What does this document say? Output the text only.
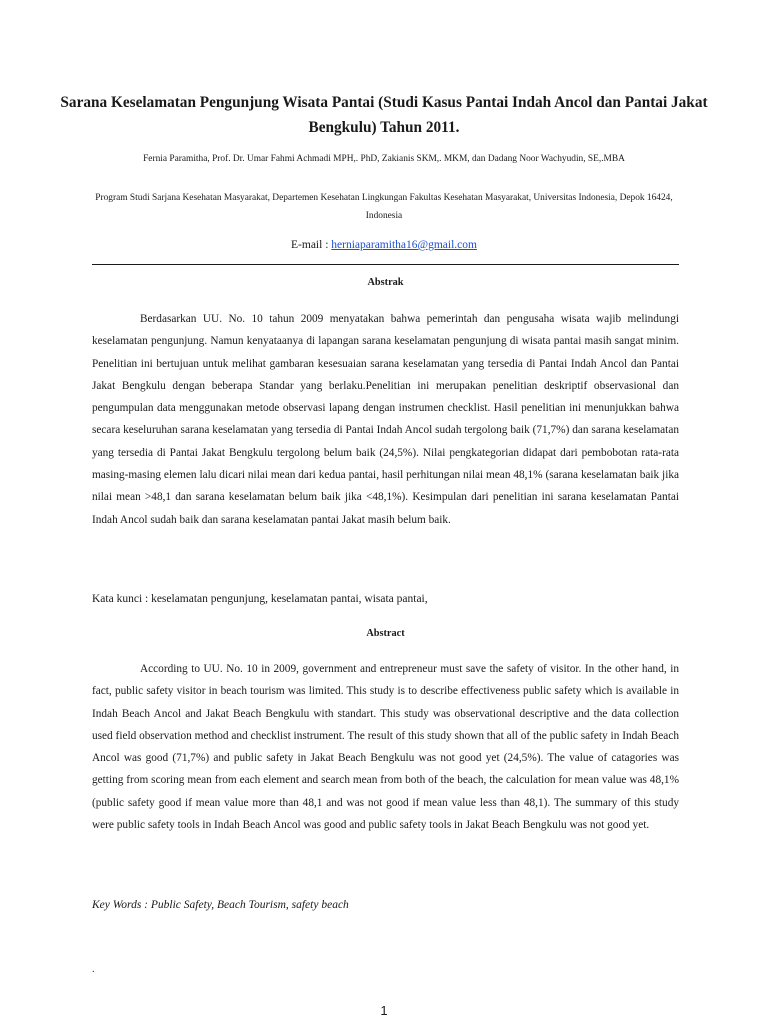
Sarana Keselamatan Pengunjung Wisata Pantai (Studi Kasus Pantai Indah Ancol dan Pantai Jakat Bengkulu) Tahun 2011.
Fernia Paramitha, Prof. Dr. Umar Fahmi Achmadi MPH,. PhD, Zakianis SKM,. MKM, dan Dadang Noor Wachyudin, SE,.MBA
Program Studi Sarjana Kesehatan Masyarakat, Departemen Kesehatan Lingkungan Fakultas Kesehatan Masyarakat, Universitas Indonesia, Depok 16424, Indonesia
E-mail : herniaparamitha16@gmail.com
Abstrak

Berdasarkan UU. No. 10 tahun 2009 menyatakan bahwa pemerintah dan pengusaha wisata wajib melindungi keselamatan pengunjung. Namun kenyataanya di lapangan sarana keselamatan pengunjung di wisata pantai masih sangat minim. Penelitian ini bertujuan untuk melihat gambaran kesesuaian sarana keselamatan yang tersedia di Pantai Indah Ancol dan Pantai Jakat Bengkulu dengan beberapa Standar yang berlaku.Penelitian ini merupakan penelitian deskriptif observasional dan pengumpulan data menggunakan metode observasi lapang dengan instrumen checklist. Hasil penelitian ini menunjukkan bahwa secara keseluruhan sarana keselamatan yang tersedia di Pantai Indah Ancol sudah tergolong baik (71,7%) dan sarana keselamatan yang tersedia di Pantai Jakat Bengkulu tergolong belum baik (24,5%). Nilai pengkategorian didapat dari pembobotan rata-rata masing-masing elemen lalu dicari nilai mean dari kedua pantai, hasil perhitungan nilai mean 48,1% (sarana keselamatan baik jika nilai mean >48,1 dan sarana keselamatan belum baik jika <48,1%). Kesimpulan dari penelitian ini sarana keselamatan Pantai Indah Ancol sudah baik dan sarana keselamatan pantai Jakat masih belum baik.

Kata kunci : keselamatan pengunjung, keselamatan pantai, wisata pantai,
Abstract

According to UU. No. 10 in 2009, government and entrepreneur must save the safety of visitor. In the other hand, in fact, public safety visitor in beach tourism was limited. This study is to describe effectiveness public safety which is available in Indah Beach Ancol and Jakat Beach Bengkulu with standart. This study was observational descriptive and the data collection used field observation method and checklist instrument. The result of this study shown that all of the public safety in Indah Beach Ancol was good (71,7%) and public safety in Jakat Beach Bengkulu was not good yet (24,5%). The value of catagories was getting from scoring mean from each element and search mean from both of the beach, the calculation for mean value was 48,1% (public safety good if mean value more than 48,1 and was not good if mean value less than 48,1). The summary of this study were public safety tools in Indah Beach Ancol was good and public safety tools in Jakat Beach Bengkulu was not good yet.

Key Words : Public Safety, Beach Tourism, safety beach
.
1
